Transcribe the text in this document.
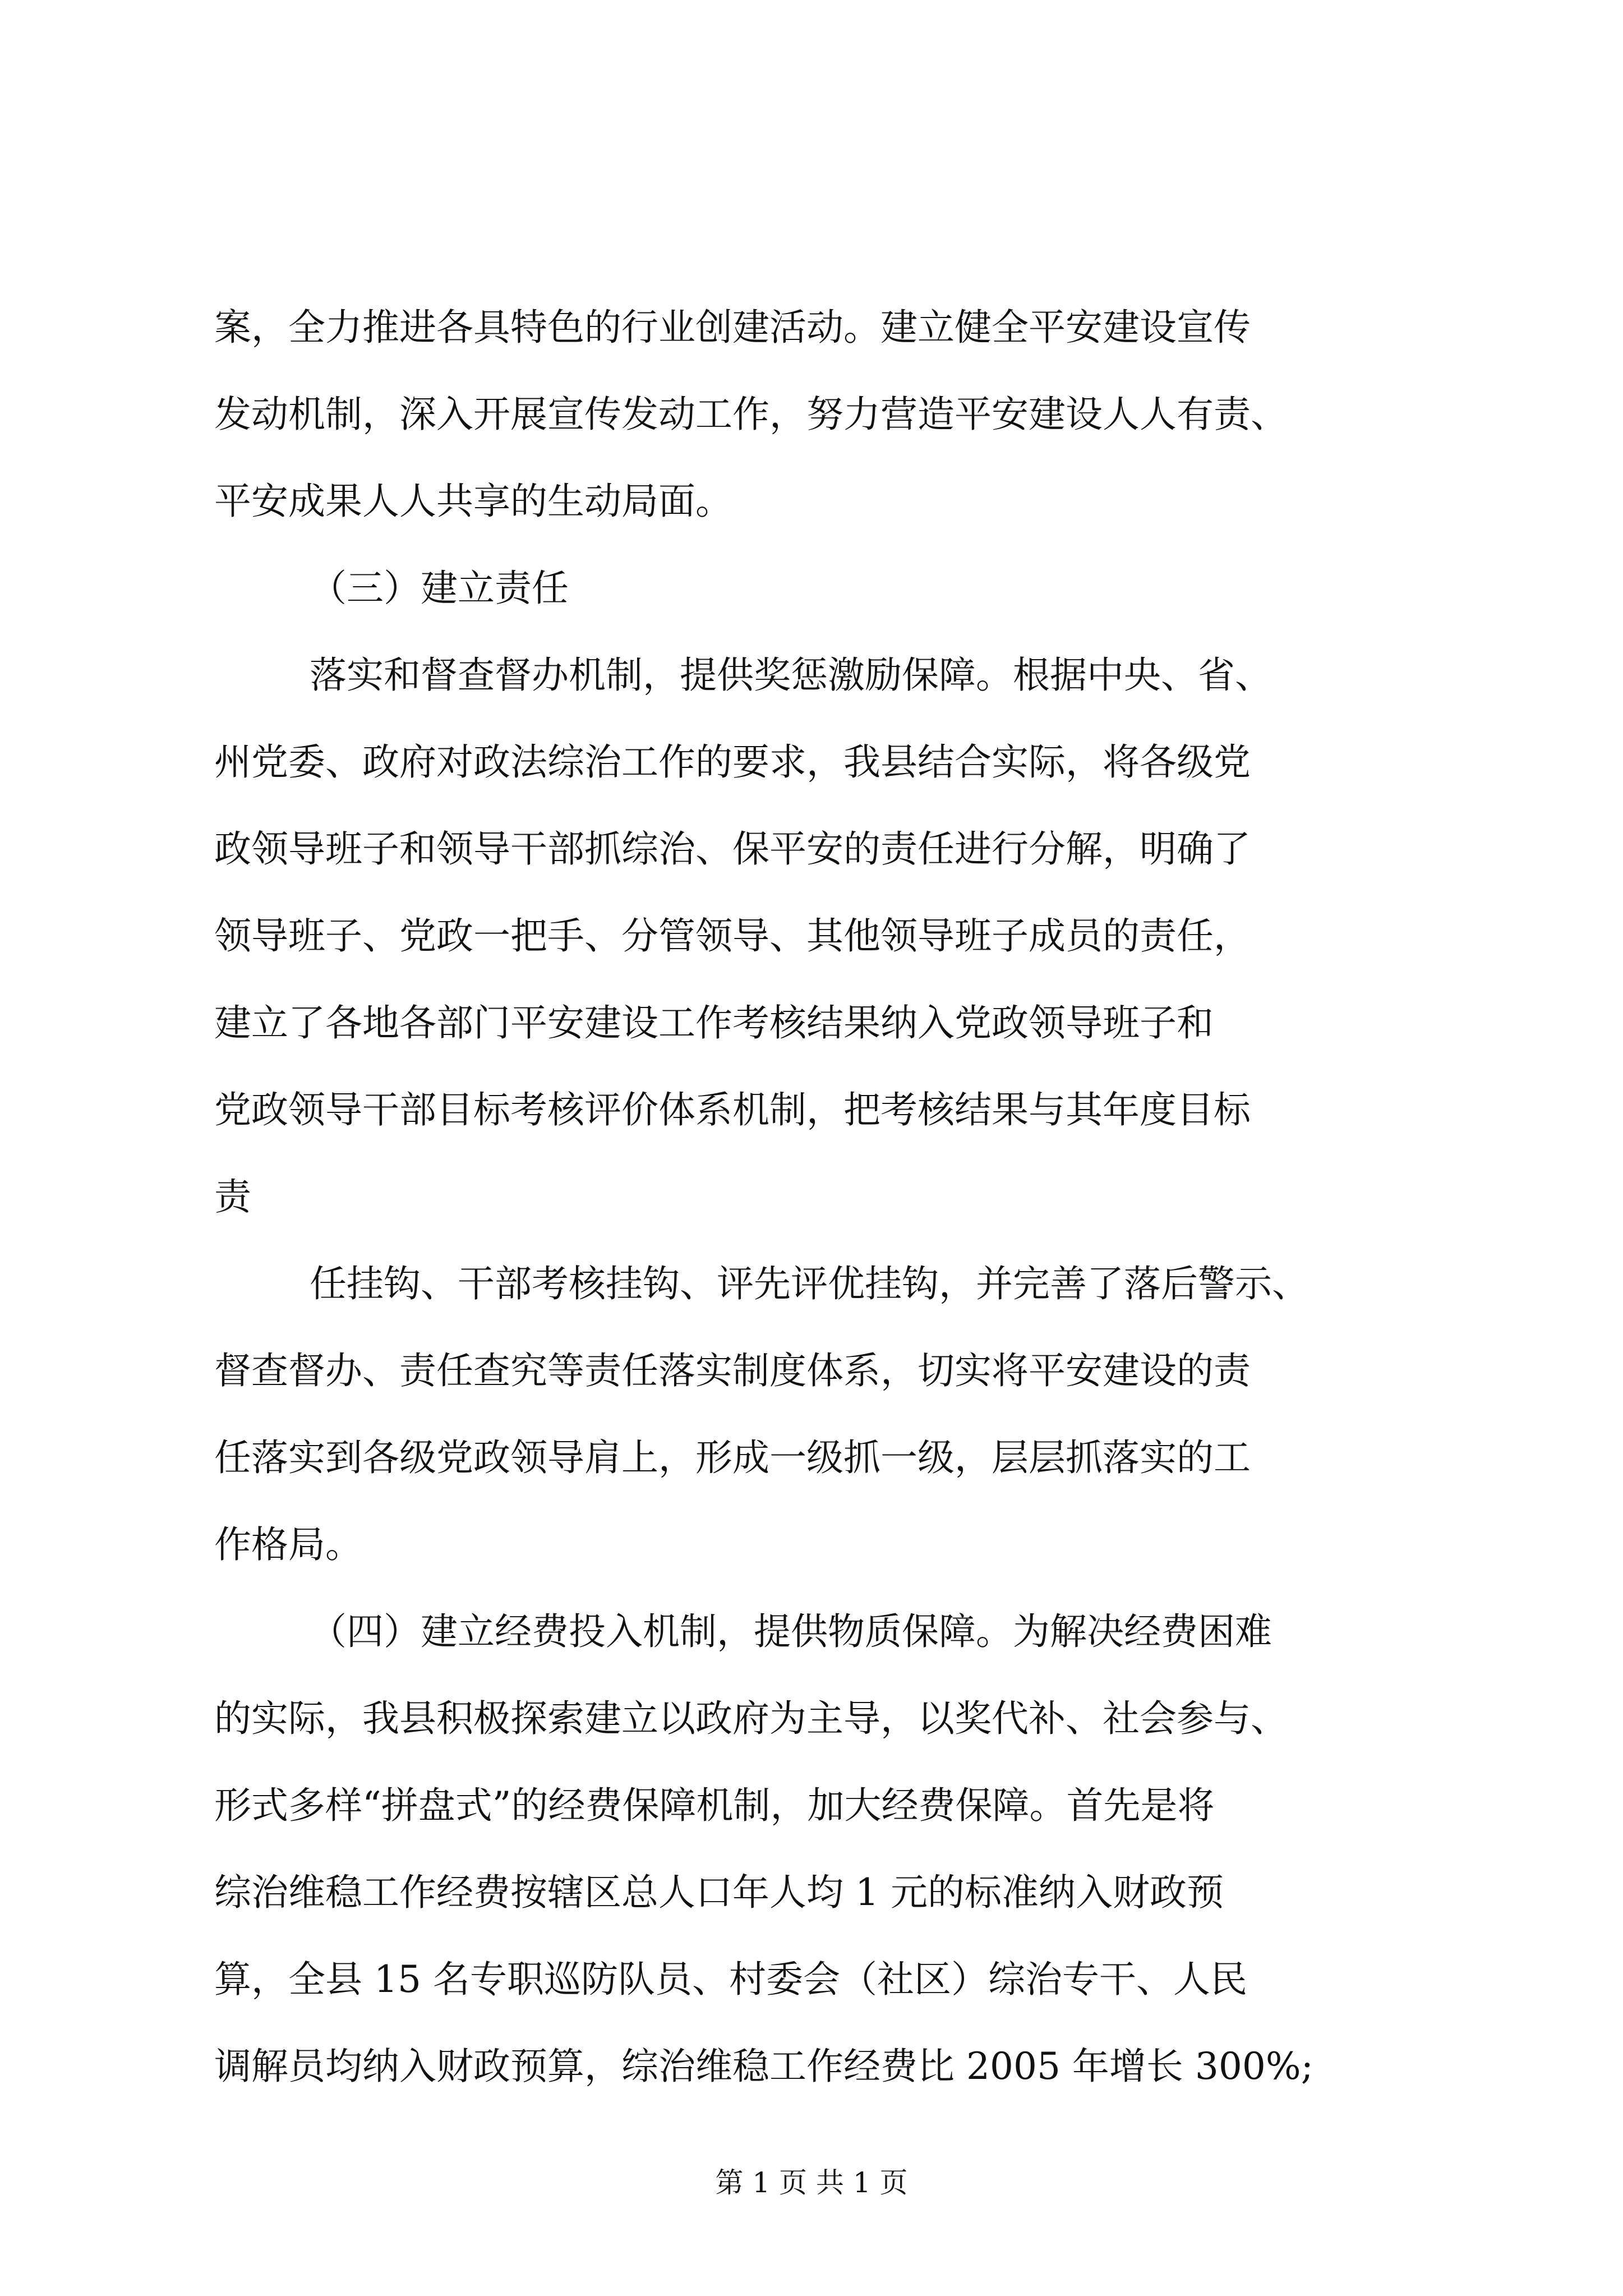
案，全力推进各具特色的行业创建活动。建立健全平安建设宣传
发动机制，深入开展宣传发动工作，努力营造平安建设人人有责、
平安成果人人共享的生动局面。
（三）建立责任
落实和督查督办机制，提供奖惩激励保障。根据中央、省、
州党委、政府对政法综治工作的要求，我县结合实际，将各级党
政领导班子和领导干部抓综治、保平安的责任进行分解，明确了
领导班子、党政一把手、分管领导、其他领导班子成员的责任，
建立了各地各部门平安建设工作考核结果纳入党政领导班子和
党政领导干部目标考核评价体系机制，把考核结果与其年度目标
责
任挂钩、干部考核挂钩、评先评优挂钩，并完善了落后警示、
督查督办、责任查究等责任落实制度体系，切实将平安建设的责
任落实到各级党政领导肩上，形成一级抓一级，层层抓落实的工
作格局。
（四）建立经费投入机制，提供物质保障。为解决经费困难
的实际，我县积极探索建立以政府为主导，以奖代补、社会参与、
形式多样“拼盘式”的经费保障机制，加大经费保障。首先是将
综治维稳工作经费按辖区总人口年人均 1 元的标准纳入财政预
算，全县 15 名专职巡防队员、村委会（社区）综治专干、人民
调解员均纳入财政预算，综治维稳工作经费比 2005 年增长 300%;
第 1 页 共 1 页
